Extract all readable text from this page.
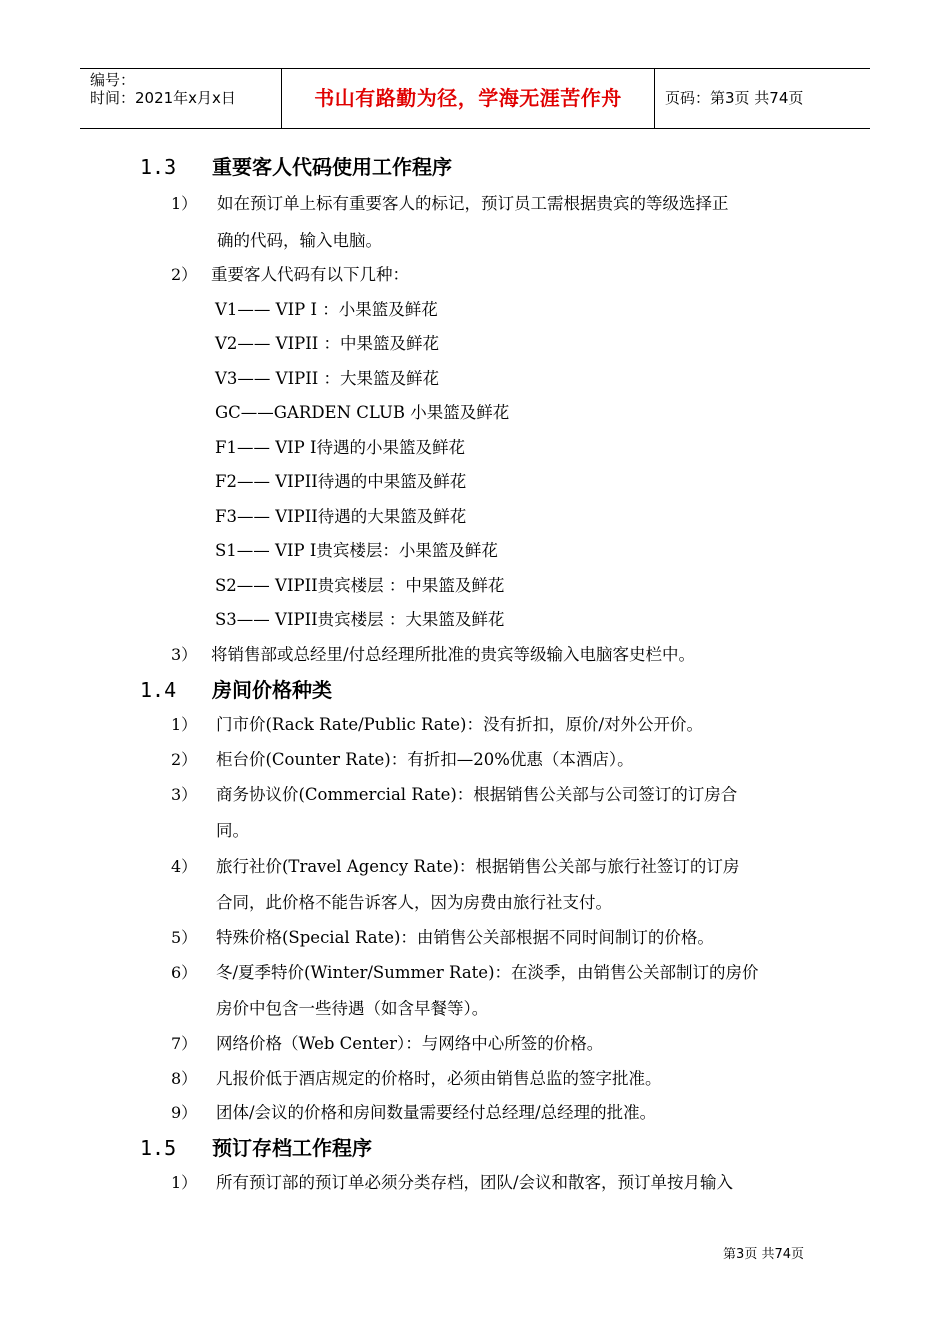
编号：
时间：2021年x月x日	书山有路勤为径，学海无涯苦作舟	页码：第3页 共74页
1.3 重要客人代码使用工作程序
1） 如在预订单上标有重要客人的标记，预订员工需根据贵宾的等级选择正
确的代码，输入电脑。
2） 重要客人代码有以下几种：
V1—— VIP I ：小果篮及鲜花
V2—— VIPII ：中果篮及鲜花
V3—— VIPII ：大果篮及鲜花
GC——GARDEN CLUB 小果篮及鲜花
F1—— VIP I待遇的小果篮及鲜花
F2—— VIPII待遇的中果篮及鲜花
F3—— VIPII待遇的大果篮及鲜花
S1—— VIP I贵宾楼层：小果篮及鲜花
S2—— VIPII贵宾楼层 ：中果篮及鲜花
S3—— VIPII贵宾楼层 ：大果篮及鲜花
3） 将销售部或总经里/付总经理所批准的贵宾等级输入电脑客史栏中。
1.4 房间价格种类
1） 门市价(Rack Rate/Public Rate)：没有折扣，原价/对外公开价。
2） 柜台价(Counter Rate)：有折扣—20%优惠（本酒店）。
3） 商务协议价(Commercial Rate)：根据销售公关部与公司签订的订房合
同。
4） 旅行社价(Travel Agency Rate)：根据销售公关部与旅行社签订的订房
合同，此价格不能告诉客人，因为房费由旅行社支付。
5） 特殊价格(Special Rate)：由销售公关部根据不同时间制订的价格。
6） 冬/夏季特价(Winter/Summer Rate)：在淡季，由销售公关部制订的房价
房价中包含一些待遇（如含早餐等）。
7） 网络价格（Web Center）：与网络中心所签的价格。
8） 凡报价低于酒店规定的价格时，必须由销售总监的签字批准。
9） 团体/会议的价格和房间数量需要经付总经理/总经理的批准。
1.5 预订存档工作程序
1） 所有预订部的预订单必须分类存档，团队/会议和散客，预订单按月输入
第3页 共74页
